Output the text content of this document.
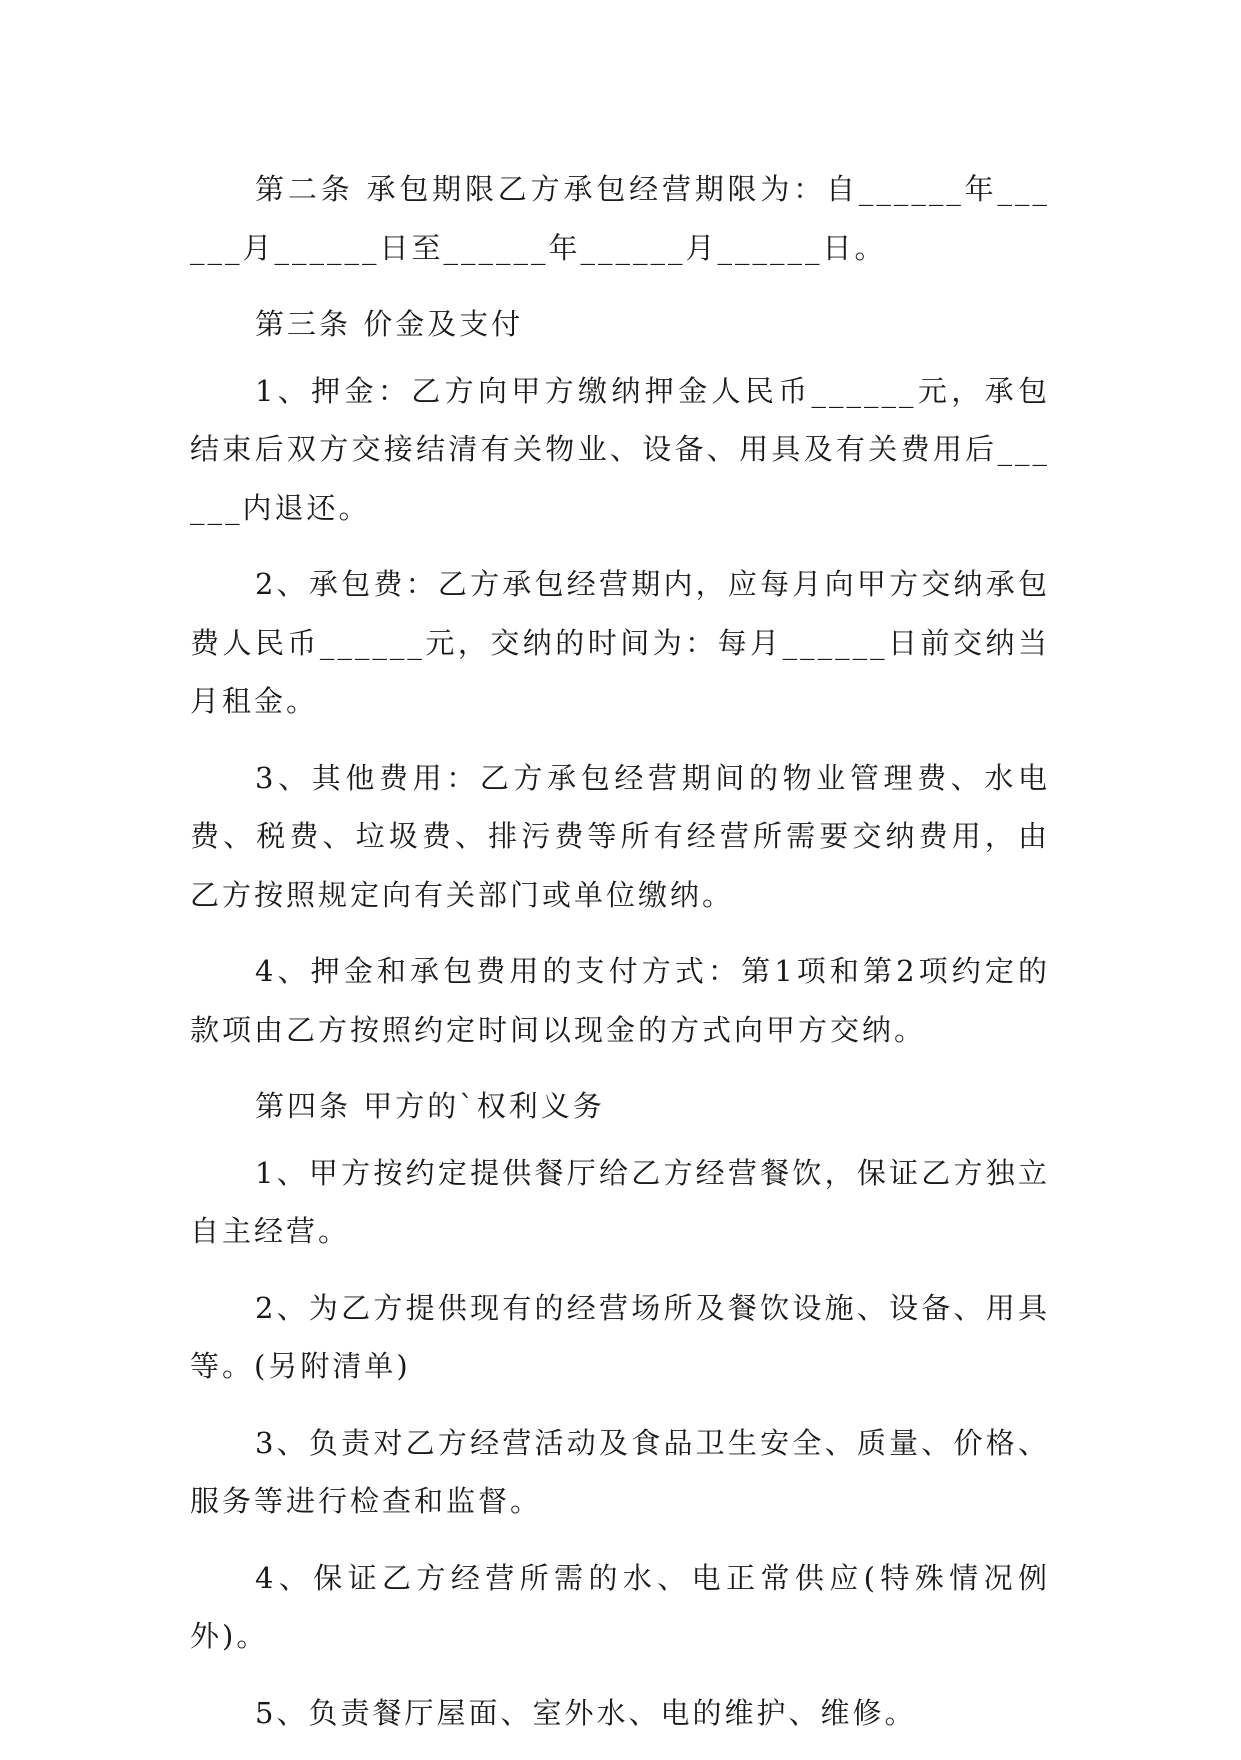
第二条 承包期限乙方承包经营期限为：自______年______月______日至______年______月______日。

第三条 价金及支付

1、押金：乙方向甲方缴纳押金人民币______元，承包结束后双方交接结清有关物业、设备、用具及有关费用后______内退还。

2、承包费：乙方承包经营期内，应每月向甲方交纳承包费人民币______元，交纳的时间为：每月______日前交纳当月租金。

3、其他费用：乙方承包经营期间的物业管理费、水电费、税费、垃圾费、排污费等所有经营所需要交纳费用，由乙方按照规定向有关部门或单位缴纳。

4、押金和承包费用的支付方式：第1项和第2项约定的款项由乙方按照约定时间以现金的方式向甲方交纳。

第四条 甲方的`权利义务

1、甲方按约定提供餐厅给乙方经营餐饮，保证乙方独立自主经营。

2、为乙方提供现有的经营场所及餐饮设施、设备、用具等。(另附清单)

3、负责对乙方经营活动及食品卫生安全、质量、价格、服务等进行检查和监督。

4、保证乙方经营所需的水、电正常供应(特殊情况例外)。

5、负责餐厅屋面、室外水、电的维护、维修。
